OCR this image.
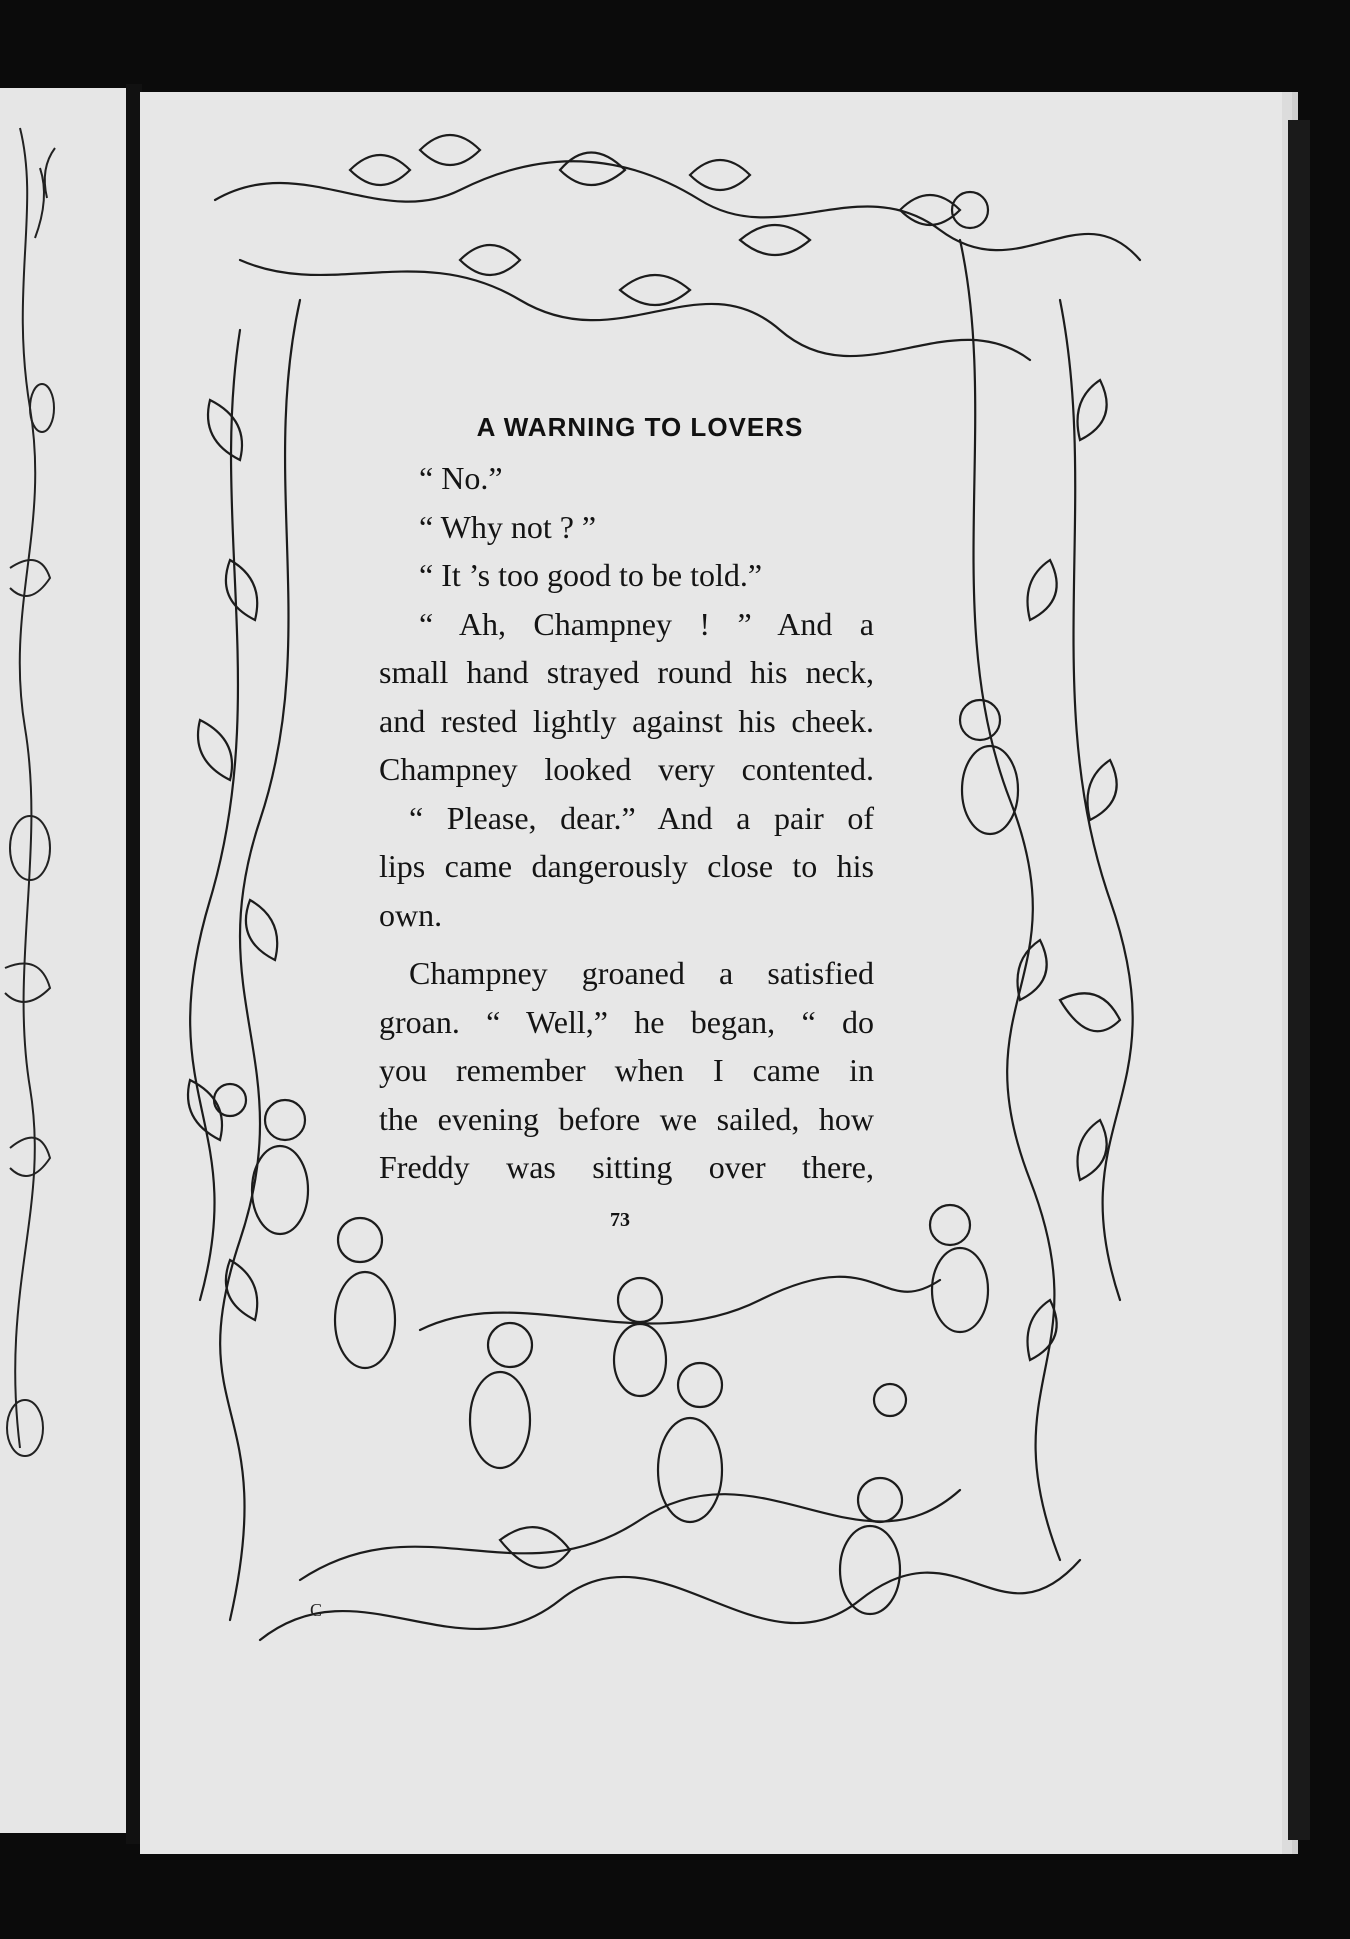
A WARNING TO LOVERS
“ No.”
“ Why not ? ”
“ It ’s too good to be told.”
“ Ah, Champney ! ” And a
small hand strayed round his neck,
and rested lightly against his cheek.
Champney looked very contented.
“ Please, dear.” And a pair of
lips came dangerously close to his
own.
Champney groaned a satisfied
groan. “ Well,” he began, “ do
you remember when I came in
the evening before we sailed, how
Freddy was sitting over there,
73
C
